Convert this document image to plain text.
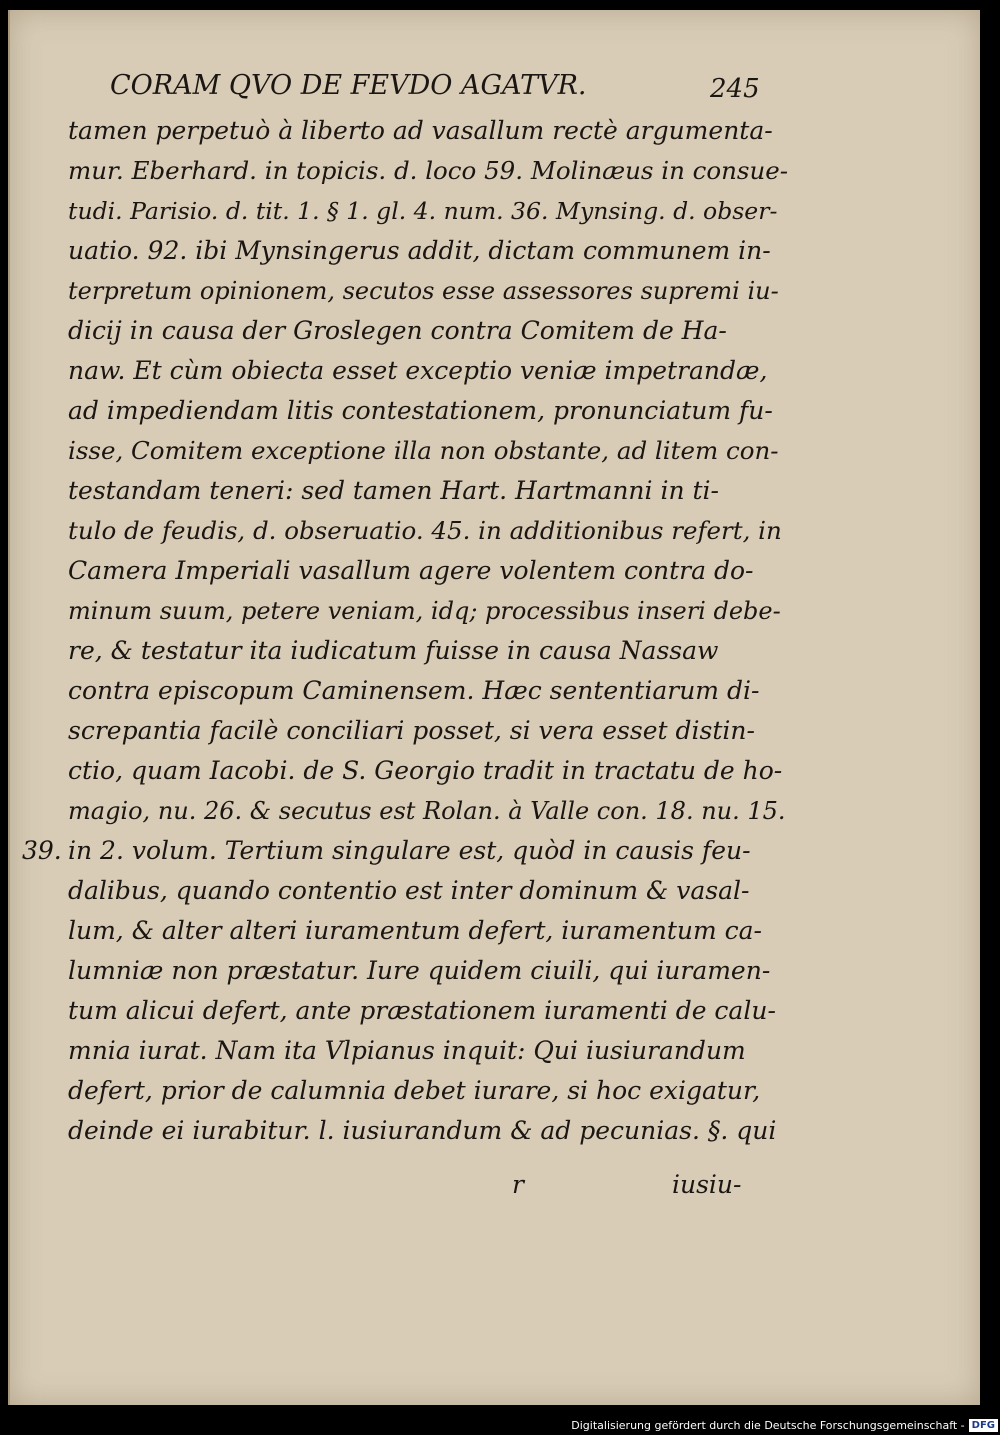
CORAM QVO DE FEVDO AGATVR.	245
tamen perpetuò à liberto ad vasallum rectè argumenta-
mur. Eberhard. in topicis. d. loco 59. Molinæus in consue-
tudi. Parisio. d. tit. 1. § 1. gl. 4. num. 36. Mynsing. d. obser-
uatio. 92. ibi Mynsingerus addit, dictam communem in-
terpretum opinionem, secutos esse assessores supremi iu-
dicij in causa der Groslegen contra Comitem de Ha-
naw. Et cùm obiecta esset exceptio veniæ impetrandæ,
ad impediendam litis contestationem, pronunciatum fu-
isse, Comitem exceptione illa non obstante, ad litem con-
testandam teneri: sed tamen Hart. Hartmanni in ti-
tulo de feudis, d. obseruatio. 45. in additionibus refert, in
Camera Imperiali vasallum agere volentem contra do-
minum suum, petere veniam, idq; processibus inseri debe-
re, & testatur ita iudicatum fuisse in causa Nassaw
contra episcopum Caminensem. Hæc sententiarum di-
screpantia facilè conciliari posset, si vera esset distin-
ctio, quam Iacobi. de S. Georgio tradit in tractatu de ho-
magio, nu. 26. & secutus est Rolan. à Valle con. 18. nu. 15.
39. in 2. volum. Tertium singulare est, quòd in causis feu-
dalibus, quando contentio est inter dominum & vasal-
lum, & alter alteri iuramentum defert, iuramentum ca-
lumniæ non præstatur. Iure quidem ciuili, qui iuramen-
tum alicui defert, ante præstationem iuramenti de calu-
mnia iurat. Nam ita Vlpianus inquit: Qui iusiurandum
defert, prior de calumnia debet iurare, si hoc exigatur,
deinde ei iurabitur. l. iusiurandum & ad pecunias. §. qui
r	iusiu-
Digitalisierung gefördert durch die Deutsche Forschungsgemeinschaft - DFG
